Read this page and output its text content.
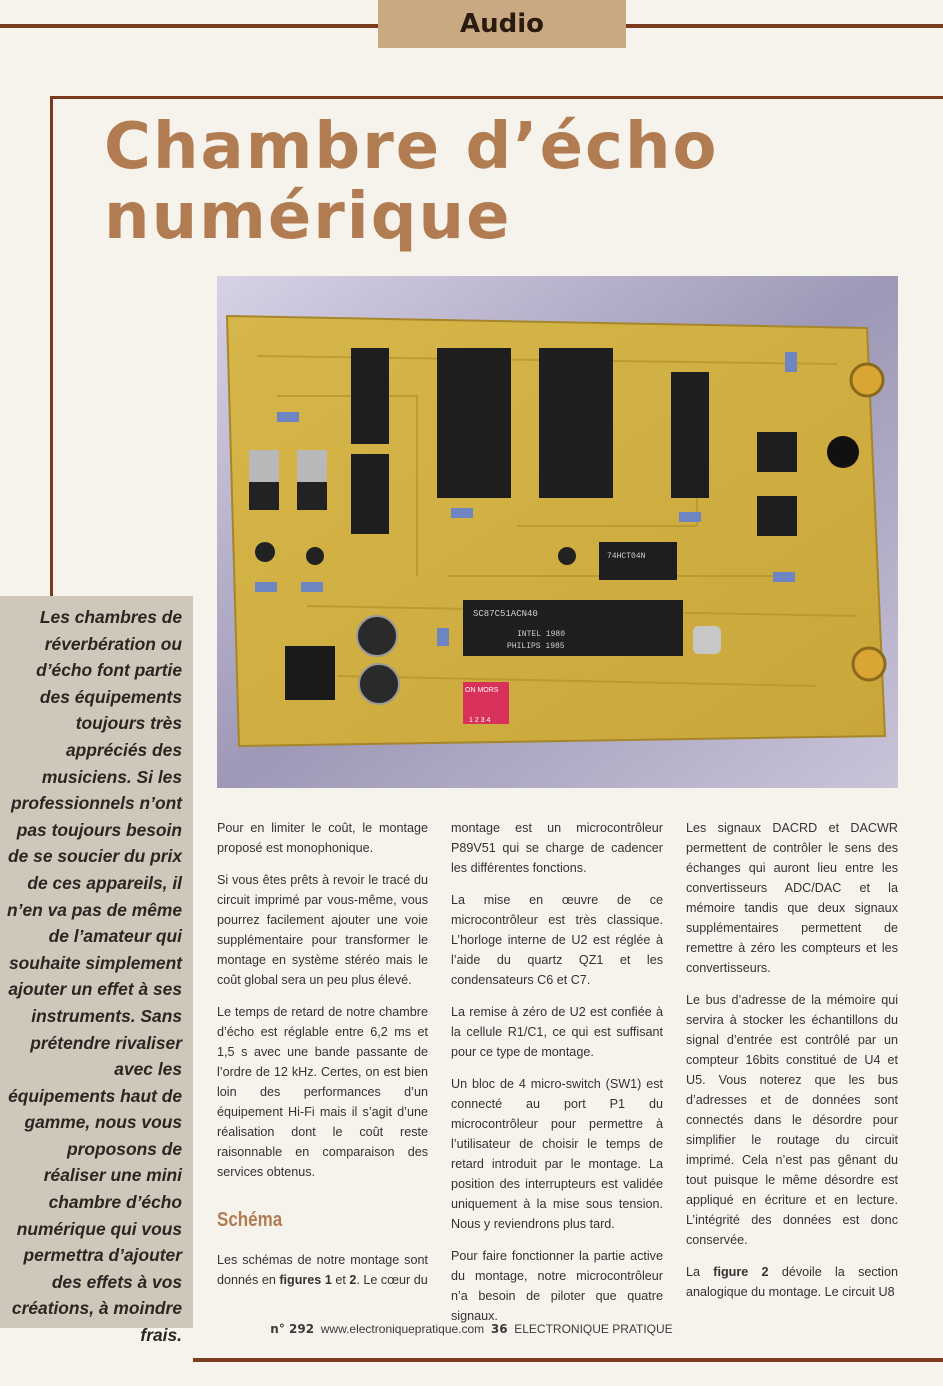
Audio
Chambre d’écho
numérique
SC87C51ACN40
INTEL 1980
PHILIPS 1985
74HCT04N
ON MORS
1 2 3 4
Les chambres de réverbération ou d’écho font partie des équipements toujours très appréciés des musiciens. Si les professionnels n’ont pas toujours besoin de se soucier du prix de ces appareils, il n’en va pas de même de l’amateur qui souhaite simplement ajouter un effet à ses instruments. Sans prétendre rivaliser avec les équipements haut de gamme, nous vous proposons de réaliser une mini chambre d’écho numérique qui vous permettra d’ajouter des effets à vos créations, à moindre frais.

Pour en limiter le coût, le montage proposé est monophonique.

Si vous êtes prêts à revoir le tracé du circuit imprimé par vous-même, vous pourrez facilement ajouter une voie supplémentaire pour transformer le montage en système stéréo mais le coût global sera un peu plus élevé.

Le temps de retard de notre chambre d’écho est réglable entre 6,2 ms et 1,5 s avec une bande passante de l’ordre de 12 kHz. Certes, on est bien loin des performances d’un équipement Hi-Fi mais il s’agit d’une réalisation dont le coût reste raisonnable en comparaison des services obtenus.

Schéma

Les schémas de notre montage sont donnés en figures 1 et 2. Le cœur du

montage est un microcontrôleur P89V51 qui se charge de cadencer les différentes fonctions.

La mise en œuvre de ce microcontrôleur est très classique. L’horloge interne de U2 est réglée à l’aide du quartz QZ1 et les condensateurs C6 et C7.

La remise à zéro de U2 est confiée à la cellule R1/C1, ce qui est suffisant pour ce type de montage.

Un bloc de 4 micro-switch (SW1) est connecté au port P1 du microcontrôleur pour permettre à l’utilisateur de choisir le temps de retard introduit par le montage. La position des interrupteurs est validée uniquement à la mise sous tension. Nous y reviendrons plus tard.

Pour faire fonctionner la partie active du montage, notre microcontrôleur n’a besoin de piloter que quatre signaux.

Les signaux DACRD et DACWR permettent de contrôler le sens des échanges qui auront lieu entre les convertisseurs ADC/DAC et la mémoire tandis que deux signaux supplémentaires permettent de remettre à zéro les compteurs et les convertisseurs.

Le bus d’adresse de la mémoire qui servira à stocker les échantillons du signal d’entrée est contrôlé par un compteur 16bits constitué de U4 et U5. Vous noterez que les bus d’adresses et de données sont connectés dans le désordre pour simplifier le routage du circuit imprimé. Cela n’est pas gênant du tout puisque le même désordre est appliqué en écriture et en lecture. L’intégrité des données est donc conservée.

La figure 2 dévoile la section analogique du montage. Le circuit U8

n° 292 www.electroniquepratique.com 36 ELECTRONIQUE PRATIQUE
